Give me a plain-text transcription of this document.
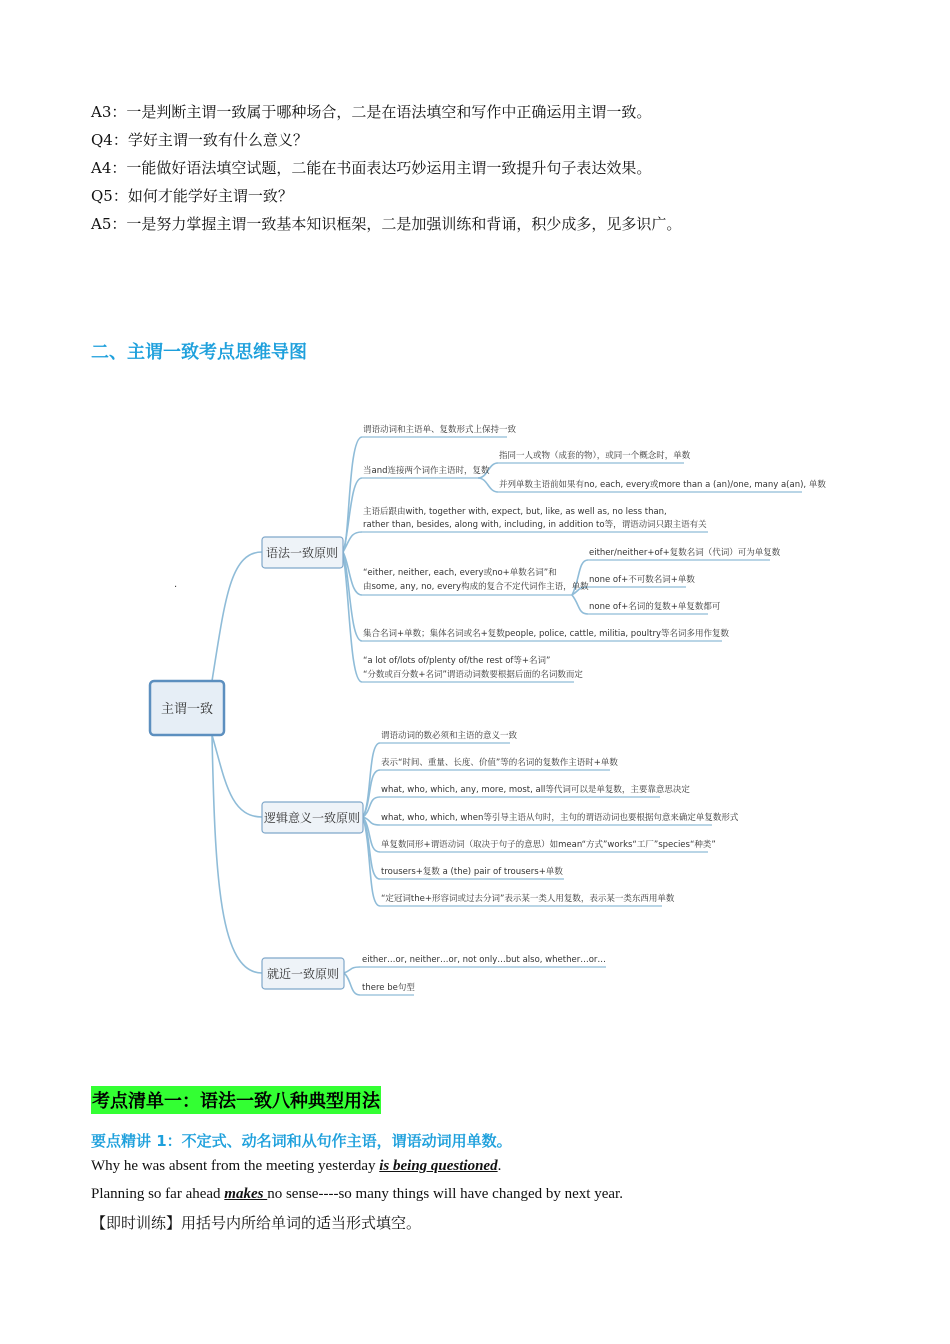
A3：一是判断主谓一致属于哪种场合，二是在语法填空和写作中正确运用主谓一致。
Q4：学好主谓一致有什么意义？
A4：一能做好语法填空试题，二能在书面表达巧妙运用主谓一致提升句子表达效果。
Q5：如何才能学好主谓一致？
A5：一是努力掌握主谓一致基本知识框架，二是加强训练和背诵，积少成多，见多识广。
二、主谓一致考点思维导图
主谓一致
语法一致原则
逻辑意义一致原则
就近一致原则
·
谓语动词和主语单、复数形式上保持一致
当and连接两个词作主语时，复数
指同一人或物（成套的物），或同一个概念时，单数
并列单数主语前如果有no, each, every或more than a (an)/one, many a(an), 单数
主语后跟由with, together with, expect, but, like, as well as, no less than,
rather than, besides, along with, including, in addition to等，谓语动词只跟主语有关
“either, neither, each, every或no+单数名词”和
由some, any, no, every构成的复合不定代词作主语，单数
either/neither+of+复数名词（代词）可为单复数
none of+不可数名词+单数
none of+名词的复数+单复数都可
集合名词+单数；集体名词或名+复数people, police, cattle, militia, poultry等名词多用作复数
“a lot of/lots of/plenty of/the rest of等+名词”
“分数或百分数+名词”谓语动词数要根据后面的名词数而定
谓语动词的数必须和主语的意义一致
表示“时间、重量、长度、价值”等的名词的复数作主语时+单数
what, who, which, any, more, most, all等代词可以是单复数，主要靠意思决定
what, who, which, when等引导主语从句时，主句的谓语动词也要根据句意来确定单复数形式
单复数同形+谓语动词（取决于句子的意思）如mean“方式”works“工厂”species“种类”
trousers+复数 a (the) pair of trousers+单数
“定冠词the+形容词或过去分词”表示某一类人用复数，表示某一类东西用单数
either…or, neither…or, not only…but also, whether…or…
there be句型
考点清单一：语法一致八种典型用法
要点精讲 1：不定式、动名词和从句作主语，谓语动词用单数。
Why he was absent from the meeting yesterday is being questioned.
Planning so far ahead makes no sense----so many things will have changed by next year.
【即时训练】用括号内所给单词的适当形式填空。
